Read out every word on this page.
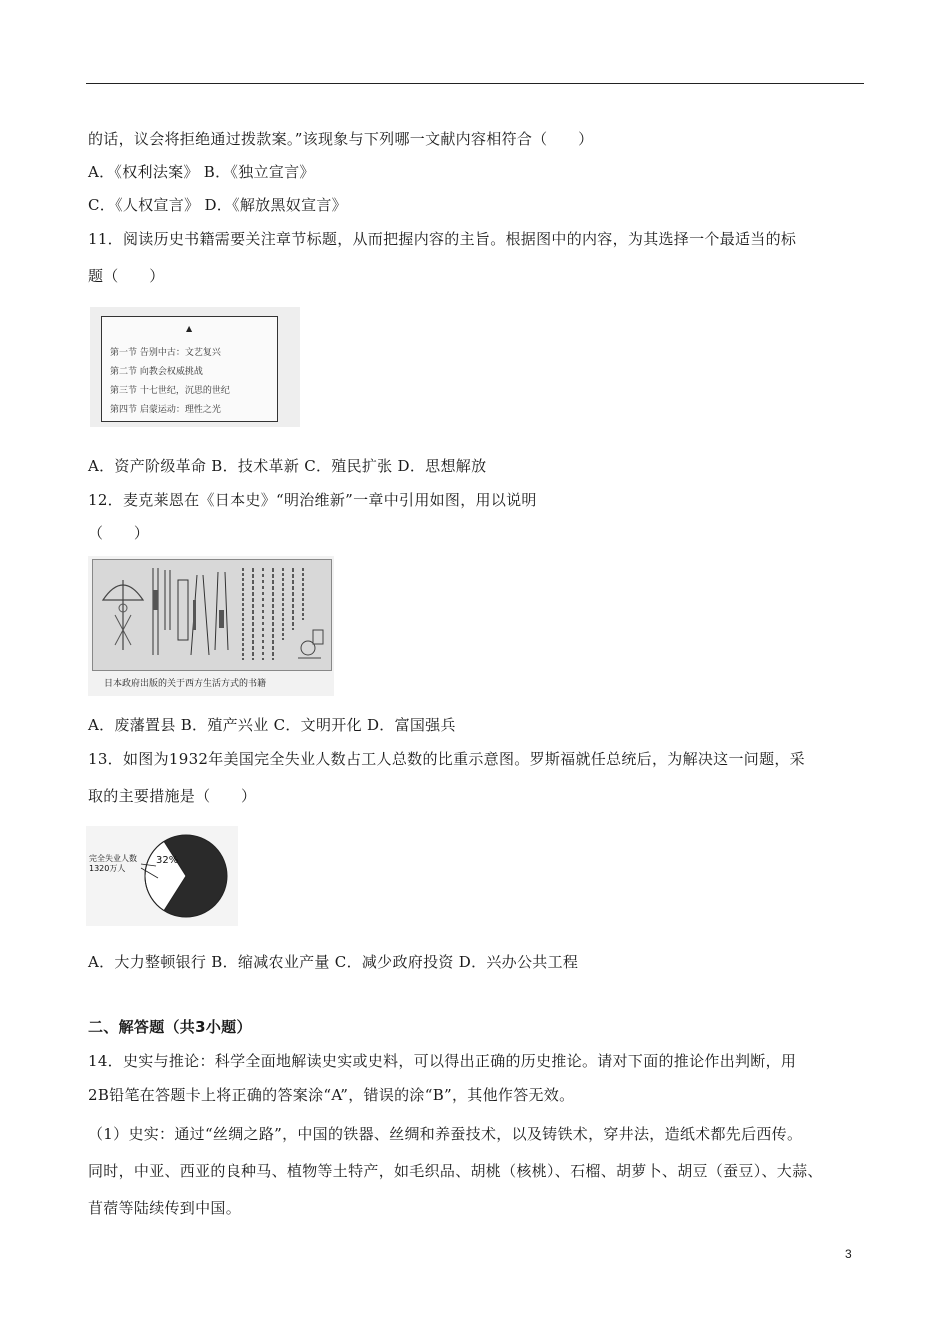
的话，议会将拒绝通过拨款案。”该现象与下列哪一文献内容相符合（　　）
A．《权利法案》 B．《独立宣言》
C．《人权宣言》 D．《解放黑奴宣言》
11．阅读历史书籍需要关注章节标题，从而把握内容的主旨。根据图中的内容，为其选择一个最适当的标
题（　　）
▲
第一节 告别中古：文艺复兴
第二节 向教会权威挑战
第三节 十七世纪，沉思的世纪
第四节 启蒙运动：理性之光
A．资产阶级革命 B．技术革新 C．殖民扩张 D．思想解放
12．麦克莱恩在《日本史》“明治维新”一章中引用如图，用以说明
（　　）
日本政府出版的关于西方生活方式的书籍
A．废藩置县 B．殖产兴业 C．文明开化 D．富国强兵
13．如图为1932年美国完全失业人数占工人总数的比重示意图。罗斯福就任总统后，为解决这一问题，采
取的主要措施是（　　）
完全失业人数
1320万人
32%
A．大力整顿银行 B．缩减农业产量 C．减少政府投资 D．兴办公共工程
二、解答题（共3小题）
14．史实与推论：科学全面地解读史实或史料，可以得出正确的历史推论。请对下面的推论作出判断，用
2B铅笔在答题卡上将正确的答案涂“A”，错误的涂“B”，其他作答无效。
（1）史实：通过“丝绸之路”，中国的铁器、丝绸和养蚕技术，以及铸铁术，穿井法，造纸术都先后西传。
同时，中亚、西亚的良种马、植物等土特产，如毛织品、胡桃（核桃）、石榴、胡萝卜、胡豆（蚕豆）、大蒜、
苜蓿等陆续传到中国。
3
